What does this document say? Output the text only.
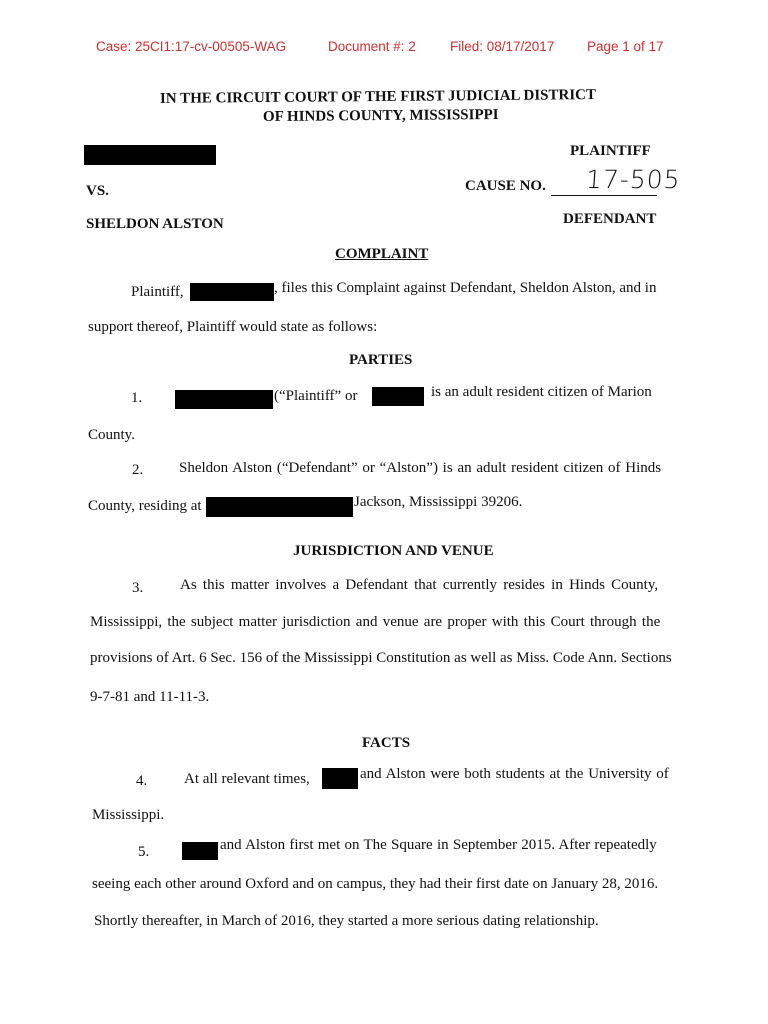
Case: 25CI1:17-cv-00505-WAG	Document #: 2	Filed: 08/17/2017 Page 1 of 17
IN THE CIRCUIT COURT OF THE FIRST JUDICIAL DISTRICT
OF HINDS COUNTY, MISSISSIPPI
PLAINTIFF
VS.	CAUSE NO. 17-505
SHELDON ALSTON	DEFENDANT
COMPLAINT
Plaintiff,	, files this Complaint against Defendant, Sheldon Alston, and in
support thereof, Plaintiff would state as follows:
PARTIES
1.	(“Plaintiff” or	is an adult resident citizen of Marion
County.
2. Sheldon Alston (“Defendant” or “Alston”) is an adult resident citizen of Hinds
County, residing at	Jackson, Mississippi 39206.
JURISDICTION AND VENUE
3. As this matter involves a Defendant that currently resides in Hinds County,
Mississippi, the subject matter jurisdiction and venue are proper with this Court through the
provisions of Art. 6 Sec. 156 of the Mississippi Constitution as well as Miss. Code Ann. Sections
9-7-81 and 11-11-3.
FACTS
4. At all relevant times,	and Alston were both students at the University of
Mississippi.
5.	and Alston first met on The Square in September 2015. After repeatedly
seeing each other around Oxford and on campus, they had their first date on January 28, 2016.
Shortly thereafter, in March of 2016, they started a more serious dating relationship.
